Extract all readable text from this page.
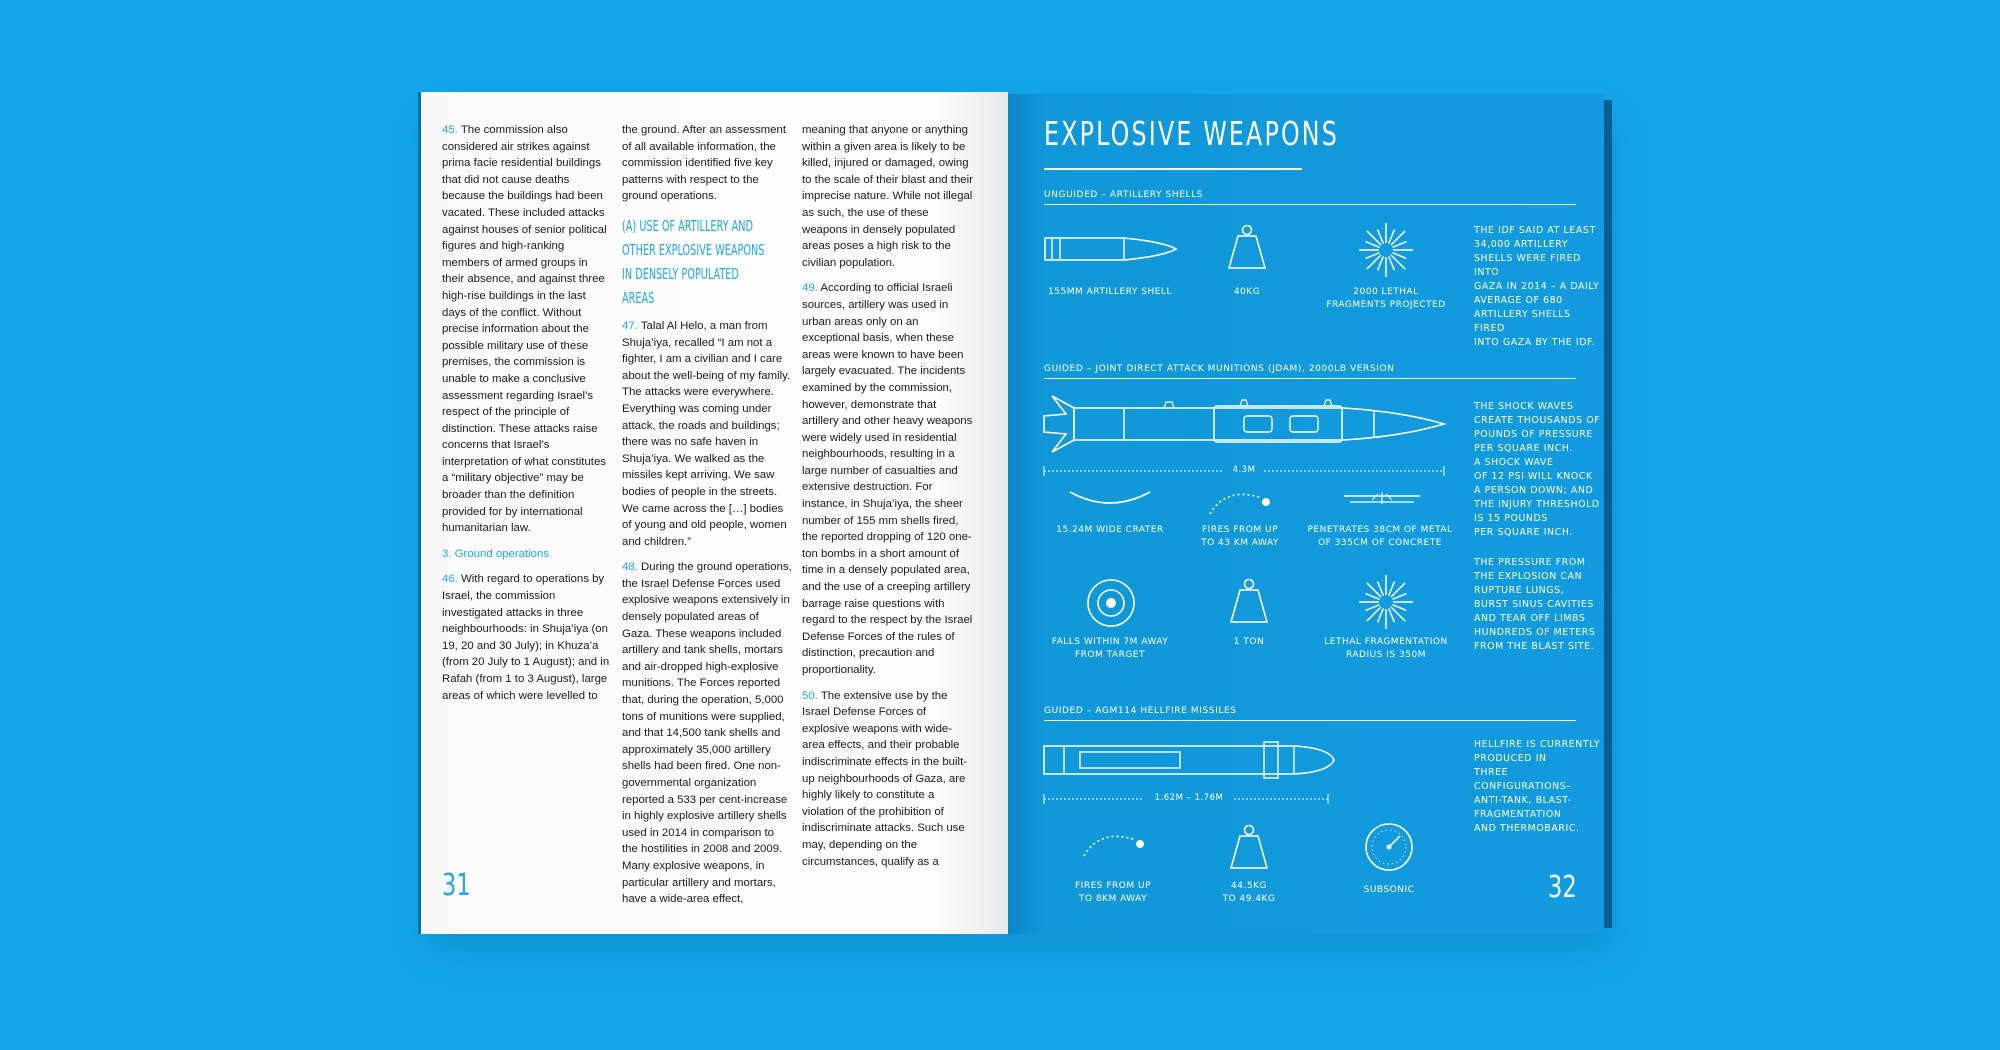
45. The commission also considered air strikes against prima facie residential buildings that did not cause deaths because the buildings had been vacated. These included attacks against houses of senior political figures and high-ranking members of armed groups in their absence, and against three high-rise buildings in the last days of the conflict. Without precise information about the possible military use of these premises, the commission is unable to make a conclusive assessment regarding Israel’s respect of the principle of distinction. These attacks raise concerns that Israel’s interpretation of what constitutes a “military objective” may be broader than the definition provided for by international humanitarian law.

3. Ground operations

46. With regard to operations by Israel, the commission investigated attacks in three neighbourhoods: in Shuja’iya (on 19, 20 and 30 July); in Khuza’a (from 20 July to 1 August); and in Rafah (from 1 to 3 August), large areas of which were levelled to

the ground. After an assessment of all available information, the commission identified five key patterns with respect to the ground operations.

(A) USE OF ARTILLERY AND OTHER EXPLOSIVE WEAPONS IN DENSELY POPULATED AREAS

47. Talal Al Helo, a man from Shuja’iya, recalled “I am not a fighter, I am a civilian and I care about the well-being of my family. The attacks were everywhere. Everything was coming under attack, the roads and buildings; there was no safe haven in Shuja’iya. We walked as the missiles kept arriving. We saw bodies of people in the streets. We came across the […] bodies of young and old people, women and children.”

48. During the ground operations, the Israel Defense Forces used explosive weapons extensively in densely populated areas of Gaza. These weapons included artillery and tank shells, mortars and air-dropped high-explosive munitions. The Forces reported that, during the operation, 5,000 tons of munitions were supplied, and that 14,500 tank shells and approximately 35,000 artillery shells had been fired. One non-governmental organization reported a 533 per cent-increase in highly explosive artillery shells used in 2014 in comparison to the hostilities in 2008 and 2009. Many explosive weapons, in particular artillery and mortars, have a wide-area effect,

meaning that anyone or anything within a given area is likely to be killed, injured or damaged, owing to the scale of their blast and their imprecise nature. While not illegal as such, the use of these weapons in densely populated areas poses a high risk to the civilian population.

49. According to official Israeli sources, artillery was used in urban areas only on an exceptional basis, when these areas were known to have been largely evacuated. The incidents examined by the commission, however, demonstrate that artillery and other heavy weapons were widely used in residential neighbourhoods, resulting in a large number of casualties and extensive destruction. For instance, in Shuja’iya, the sheer number of 155 mm shells fired, the reported dropping of 120 one-ton bombs in a short amount of time in a densely populated area, and the use of a creeping artillery barrage raise questions with regard to the respect by the Israel Defense Forces of the rules of distinction, precaution and proportionality.

50. The extensive use by the Israel Defense Forces of explosive weapons with wide-area effects, and their probable indiscriminate effects in the built-up neighbourhoods of Gaza, are highly likely to constitute a violation of the prohibition of indiscriminate attacks. Such use may, depending on the circumstances, qualify as a

31
EXPLOSIVE WEAPONS
UNGUIDED – ARTILLERY SHELLS
155MM ARTILLERY SHELL	40KG	2000 LETHAL
FRAGMENTS PROJECTED
THE IDF SAID AT LEAST
34,000 ARTILLERY
SHELLS WERE FIRED INTO
GAZA IN 2014 – A DAILY
AVERAGE OF 680
ARTILLERY SHELLS FIRED
INTO GAZA BY THE IDF.
GUIDED – JOINT DIRECT ATTACK MUNITIONS (JDAM), 2000LB VERSION
4.3M
15.24M WIDE CRATER	FIRES FROM UP
TO 43 KM AWAY
PENETRATES 38CM OF METAL
OF 335CM OF CONCRETE
FALLS WITHIN 7M AWAY
FROM TARGET
1 TON	LETHAL FRAGMENTATION
RADIUS IS 350M
THE SHOCK WAVES
CREATE THOUSANDS OF
POUNDS OF PRESSURE
PER SQUARE INCH.
A SHOCK WAVE
OF 12 PSI WILL KNOCK
A PERSON DOWN; AND
THE INJURY THRESHOLD
IS 15 POUNDS
PER SQUARE INCH.
THE PRESSURE FROM
THE EXPLOSION CAN
RUPTURE LUNGS,
BURST SINUS CAVITIES
AND TEAR OFF LIMBS
HUNDREDS OF METERS
FROM THE BLAST SITE.
GUIDED – AGM114 HELLFIRE MISSILES
1.62M – 1.76M
FIRES FROM UP
TO 8KM AWAY
44.5KG
TO 49.4KG
SUBSONIC
HELLFIRE IS CURRENTLY
PRODUCED IN
THREE CONFIGURATIONS–
ANTI-TANK, BLAST-
FRAGMENTATION
AND THERMOBARIC.
32
